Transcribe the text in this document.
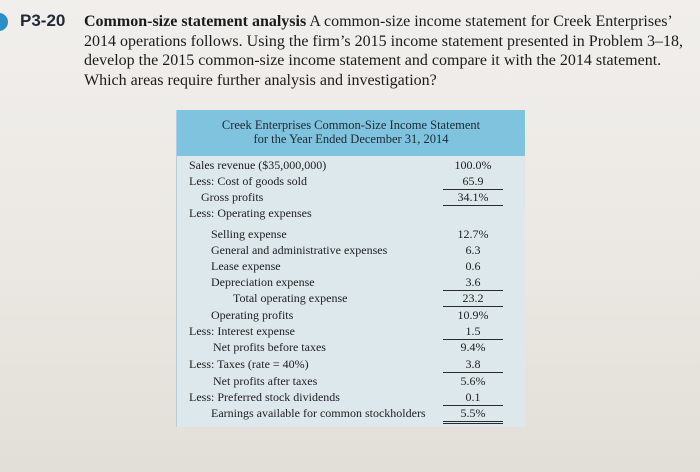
P3-20 Common-size statement analysis A common-size income statement for Creek Enterprises’ 2014 operations follows. Using the firm’s 2015 income statement presented in Problem 3–18, develop the 2015 common-size income statement and compare it with the 2014 statement. Which areas require further analysis and investigation?

Creek Enterprises Common-Size Income Statement
for the Year Ended December 31, 2014
Sales revenue ($35,000,000)	100.0%
Less: Cost of goods sold	65.9
Gross profits	34.1%
Less: Operating expenses
Selling expense	12.7%
General and administrative expenses	6.3
Lease expense	0.6
Depreciation expense	3.6
Total operating expense	23.2
Operating profits	10.9%
Less: Interest expense	1.5
Net profits before taxes	9.4%
Less: Taxes (rate = 40%)	3.8
Net profits after taxes	5.6%
Less: Preferred stock dividends	0.1
Earnings available for common stockholders	5.5%
